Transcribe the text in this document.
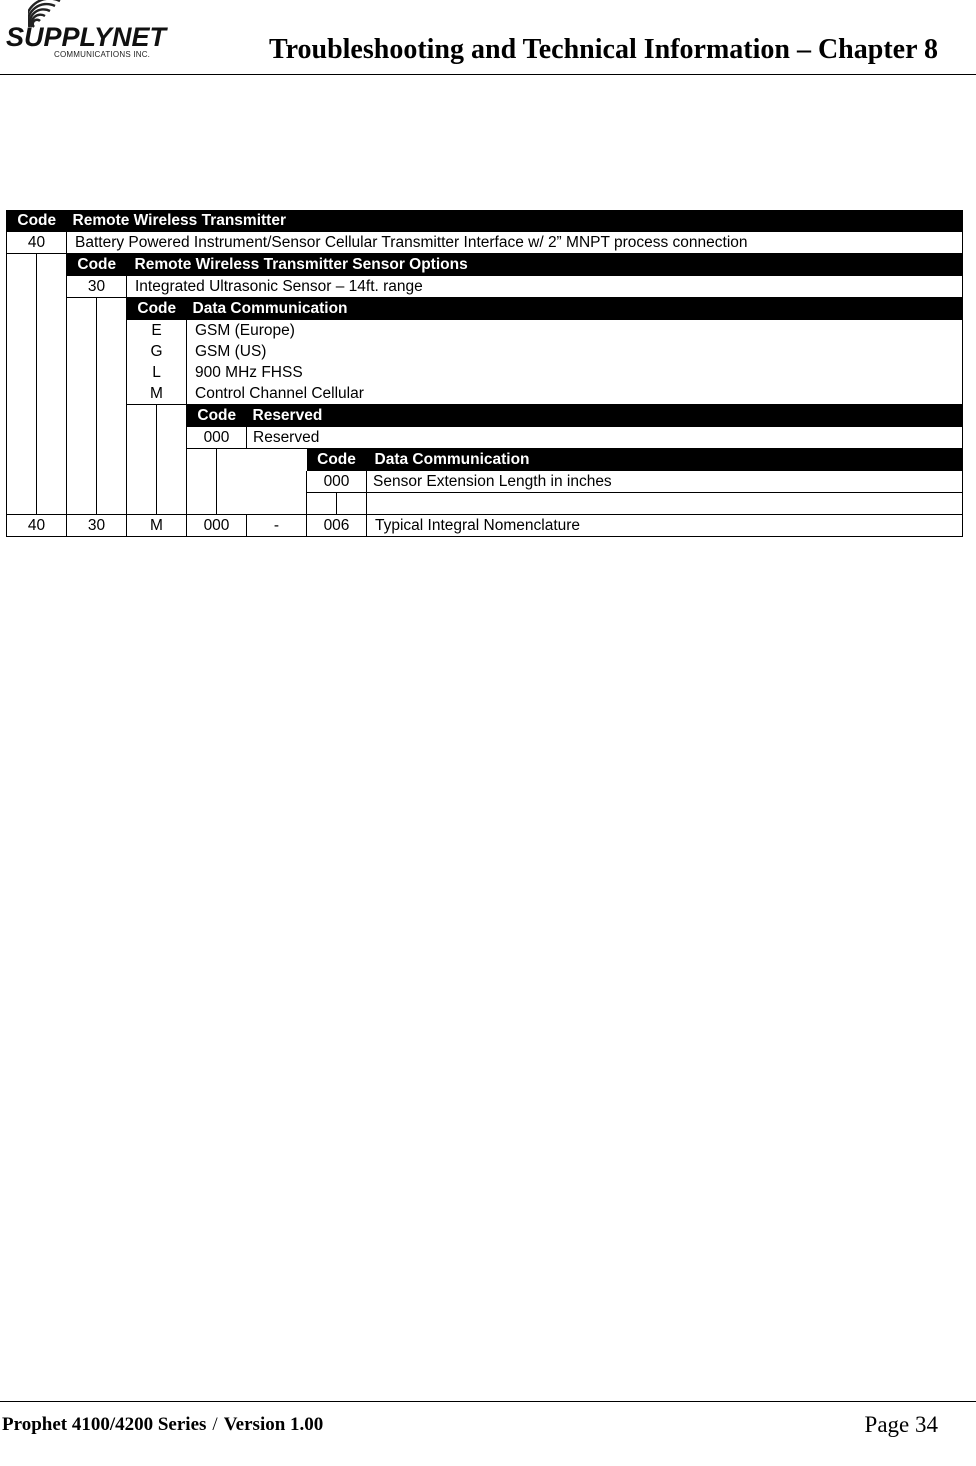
SUPPLYNET
COMMUNICATIONS INC.	Troubleshooting and Technical Information – Chapter 8
Code		Remote Wireless Transmitter									
40		Battery Powered Instrument/Sensor Cellular Transmitter Interface w/ 2” MNPT process connection									
		Code		Remote Wireless Transmitter Sensor Options							
		30		Integrated Ultrasonic Sensor – 14ft. range							
				Code		Data Communication					
				E		GSM (Europe)					
				G		GSM (US)					
				L		900 MHz FHSS					
				M		Control Channel Cellular					
						Code		Reserved			
						000		Reserved			
									Code		Data Communication
									000		Sensor Extension Length in inches

40		30		M		000		-	006		Typical Integral Nomenclature
Prophet 4100/4200 Series / Version 1.00	Page 34
